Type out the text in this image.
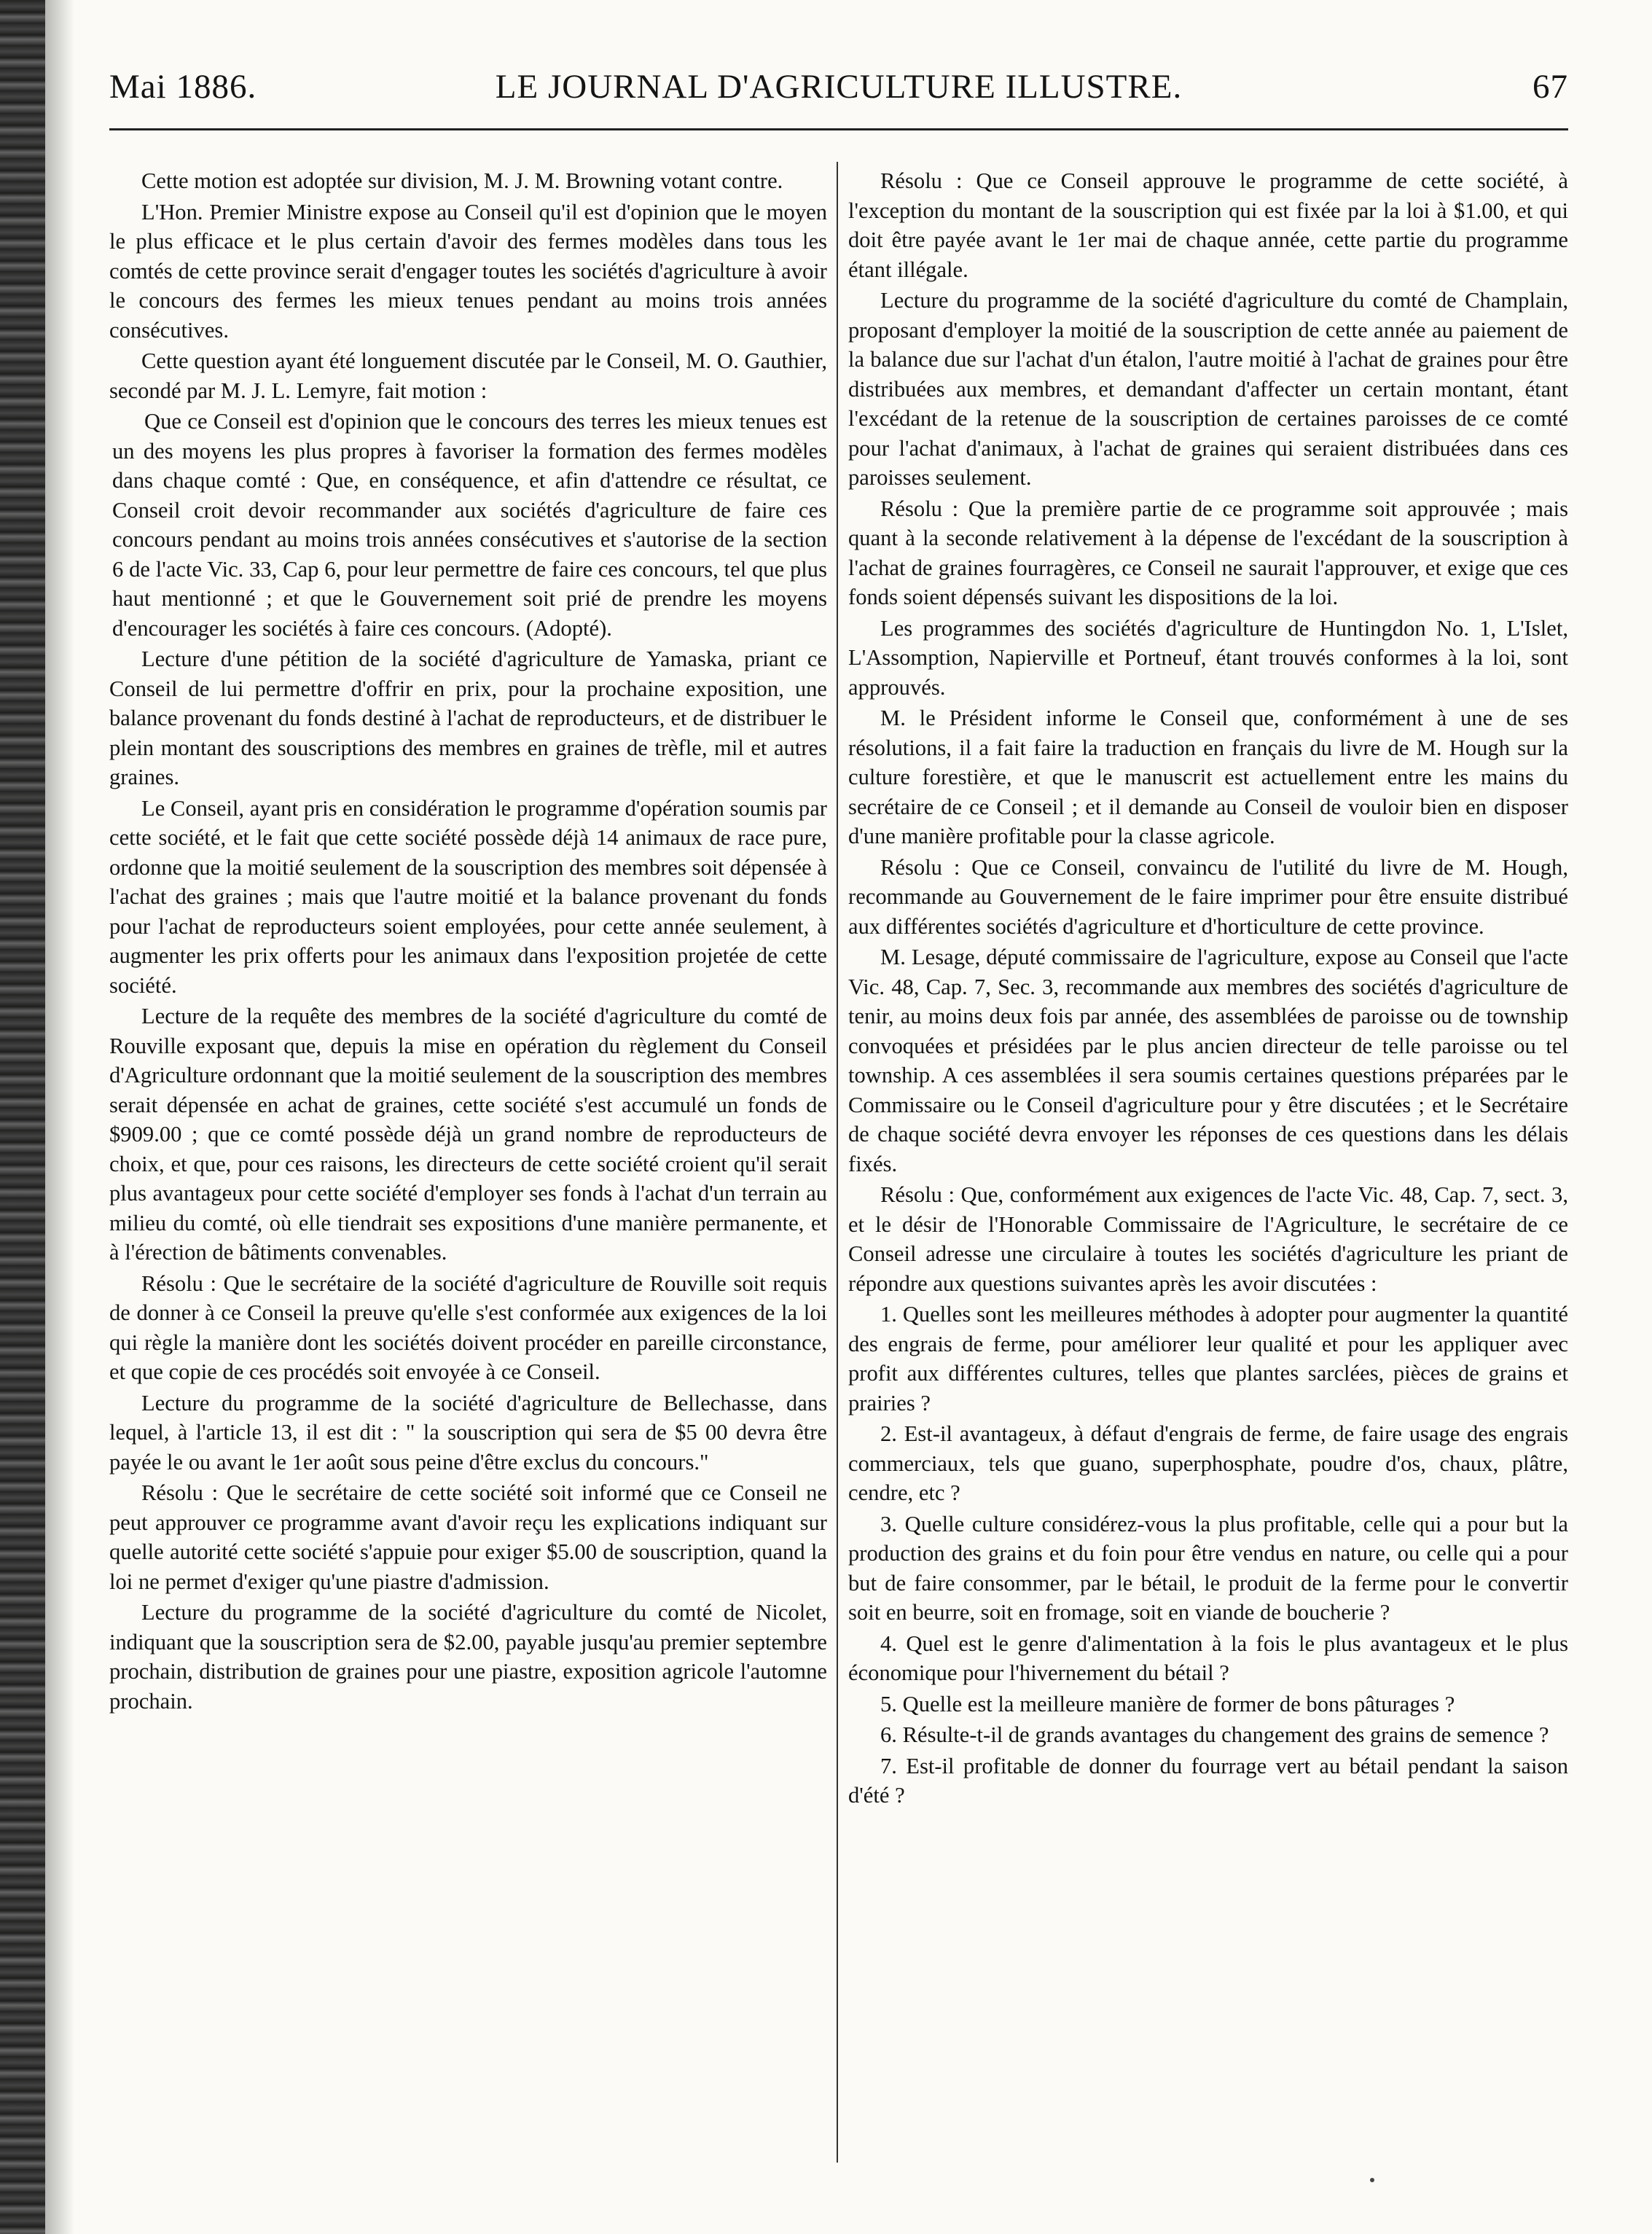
Mai 1886.	LE JOURNAL D'AGRICULTURE ILLUSTRE.	67

Cette motion est adoptée sur division, M. J. M. Browning votant contre.

L'Hon. Premier Ministre expose au Conseil qu'il est d'opinion que le moyen le plus efficace et le plus certain d'avoir des fermes modèles dans tous les comtés de cette province serait d'engager toutes les sociétés d'agriculture à avoir le concours des fermes les mieux tenues pendant au moins trois années consécutives.

Cette question ayant été longuement discutée par le Conseil, M. O. Gauthier, secondé par M. J. L. Lemyre, fait motion :

Que ce Conseil est d'opinion que le concours des terres les mieux tenues est un des moyens les plus propres à favoriser la formation des fermes modèles dans chaque comté : Que, en conséquence, et afin d'attendre ce résultat, ce Conseil croit devoir recommander aux sociétés d'agriculture de faire ces concours pendant au moins trois années consécutives et s'autorise de la section 6 de l'acte Vic. 33, Cap 6, pour leur permettre de faire ces concours, tel que plus haut mentionné ; et que le Gouvernement soit prié de prendre les moyens d'encourager les sociétés à faire ces concours. (Adopté).

Lecture d'une pétition de la société d'agriculture de Yamaska, priant ce Conseil de lui permettre d'offrir en prix, pour la prochaine exposition, une balance provenant du fonds destiné à l'achat de reproducteurs, et de distribuer le plein montant des souscriptions des membres en graines de trèfle, mil et autres graines.

Le Conseil, ayant pris en considération le programme d'opération soumis par cette société, et le fait que cette société possède déjà 14 animaux de race pure, ordonne que la moitié seulement de la souscription des membres soit dépensée à l'achat des graines ; mais que l'autre moitié et la balance provenant du fonds pour l'achat de reproducteurs soient employées, pour cette année seulement, à augmenter les prix offerts pour les animaux dans l'exposition projetée de cette société.

Lecture de la requête des membres de la société d'agriculture du comté de Rouville exposant que, depuis la mise en opération du règlement du Conseil d'Agriculture ordonnant que la moitié seulement de la souscription des membres serait dépensée en achat de graines, cette société s'est accumulé un fonds de $909.00 ; que ce comté possède déjà un grand nombre de reproducteurs de choix, et que, pour ces raisons, les directeurs de cette société croient qu'il serait plus avantageux pour cette société d'employer ses fonds à l'achat d'un terrain au milieu du comté, où elle tiendrait ses expositions d'une manière permanente, et à l'érection de bâtiments convenables.

Résolu : Que le secrétaire de la société d'agriculture de Rouville soit requis de donner à ce Conseil la preuve qu'elle s'est conformée aux exigences de la loi qui règle la manière dont les sociétés doivent procéder en pareille circonstance, et que copie de ces procédés soit envoyée à ce Conseil.

Lecture du programme de la société d'agriculture de Bellechasse, dans lequel, à l'article 13, il est dit : " la souscription qui sera de $5 00 devra être payée le ou avant le 1er août sous peine d'être exclus du concours."

Résolu : Que le secrétaire de cette société soit informé que ce Conseil ne peut approuver ce programme avant d'avoir reçu les explications indiquant sur quelle autorité cette société s'appuie pour exiger $5.00 de souscription, quand la loi ne permet d'exiger qu'une piastre d'admission.

Lecture du programme de la société d'agriculture du comté de Nicolet, indiquant que la souscription sera de $2.00, payable jusqu'au premier septembre prochain, distribution de graines pour une piastre, exposition agricole l'automne prochain.

Résolu : Que ce Conseil approuve le programme de cette société, à l'exception du montant de la souscription qui est fixée par la loi à $1.00, et qui doit être payée avant le 1er mai de chaque année, cette partie du programme étant illégale.

Lecture du programme de la société d'agriculture du comté de Champlain, proposant d'employer la moitié de la souscription de cette année au paiement de la balance due sur l'achat d'un étalon, l'autre moitié à l'achat de graines pour être distribuées aux membres, et demandant d'affecter un certain montant, étant l'excédant de la retenue de la souscription de certaines paroisses de ce comté pour l'achat d'animaux, à l'achat de graines qui seraient distribuées dans ces paroisses seulement.

Résolu : Que la première partie de ce programme soit approuvée ; mais quant à la seconde relativement à la dépense de l'excédant de la souscription à l'achat de graines fourragères, ce Conseil ne saurait l'approuver, et exige que ces fonds soient dépensés suivant les dispositions de la loi.

Les programmes des sociétés d'agriculture de Huntingdon No. 1, L'Islet, L'Assomption, Napierville et Portneuf, étant trouvés conformes à la loi, sont approuvés.

M. le Président informe le Conseil que, conformément à une de ses résolutions, il a fait faire la traduction en français du livre de M. Hough sur la culture forestière, et que le manuscrit est actuellement entre les mains du secrétaire de ce Conseil ; et il demande au Conseil de vouloir bien en disposer d'une manière profitable pour la classe agricole.

Résolu : Que ce Conseil, convaincu de l'utilité du livre de M. Hough, recommande au Gouvernement de le faire imprimer pour être ensuite distribué aux différentes sociétés d'agriculture et d'horticulture de cette province.

M. Lesage, député commissaire de l'agriculture, expose au Conseil que l'acte Vic. 48, Cap. 7, Sec. 3, recommande aux membres des sociétés d'agriculture de tenir, au moins deux fois par année, des assemblées de paroisse ou de township convoquées et présidées par le plus ancien directeur de telle paroisse ou tel township. A ces assemblées il sera soumis certaines questions préparées par le Commissaire ou le Conseil d'agriculture pour y être discutées ; et le Secrétaire de chaque société devra envoyer les réponses de ces questions dans les délais fixés.

Résolu : Que, conformément aux exigences de l'acte Vic. 48, Cap. 7, sect. 3, et le désir de l'Honorable Commissaire de l'Agriculture, le secrétaire de ce Conseil adresse une circulaire à toutes les sociétés d'agriculture les priant de répondre aux questions suivantes après les avoir discutées :

1. Quelles sont les meilleures méthodes à adopter pour augmenter la quantité des engrais de ferme, pour améliorer leur qualité et pour les appliquer avec profit aux différentes cultures, telles que plantes sarclées, pièces de grains et prairies ?

2. Est-il avantageux, à défaut d'engrais de ferme, de faire usage des engrais commerciaux, tels que guano, superphosphate, poudre d'os, chaux, plâtre, cendre, etc ?

3. Quelle culture considérez-vous la plus profitable, celle qui a pour but la production des grains et du foin pour être vendus en nature, ou celle qui a pour but de faire consommer, par le bétail, le produit de la ferme pour le convertir soit en beurre, soit en fromage, soit en viande de boucherie ?

4. Quel est le genre d'alimentation à la fois le plus avantageux et le plus économique pour l'hivernement du bétail ?

5. Quelle est la meilleure manière de former de bons pâturages ?

6. Résulte-t-il de grands avantages du changement des grains de semence ?

7. Est-il profitable de donner du fourrage vert au bétail pendant la saison d'été ?
